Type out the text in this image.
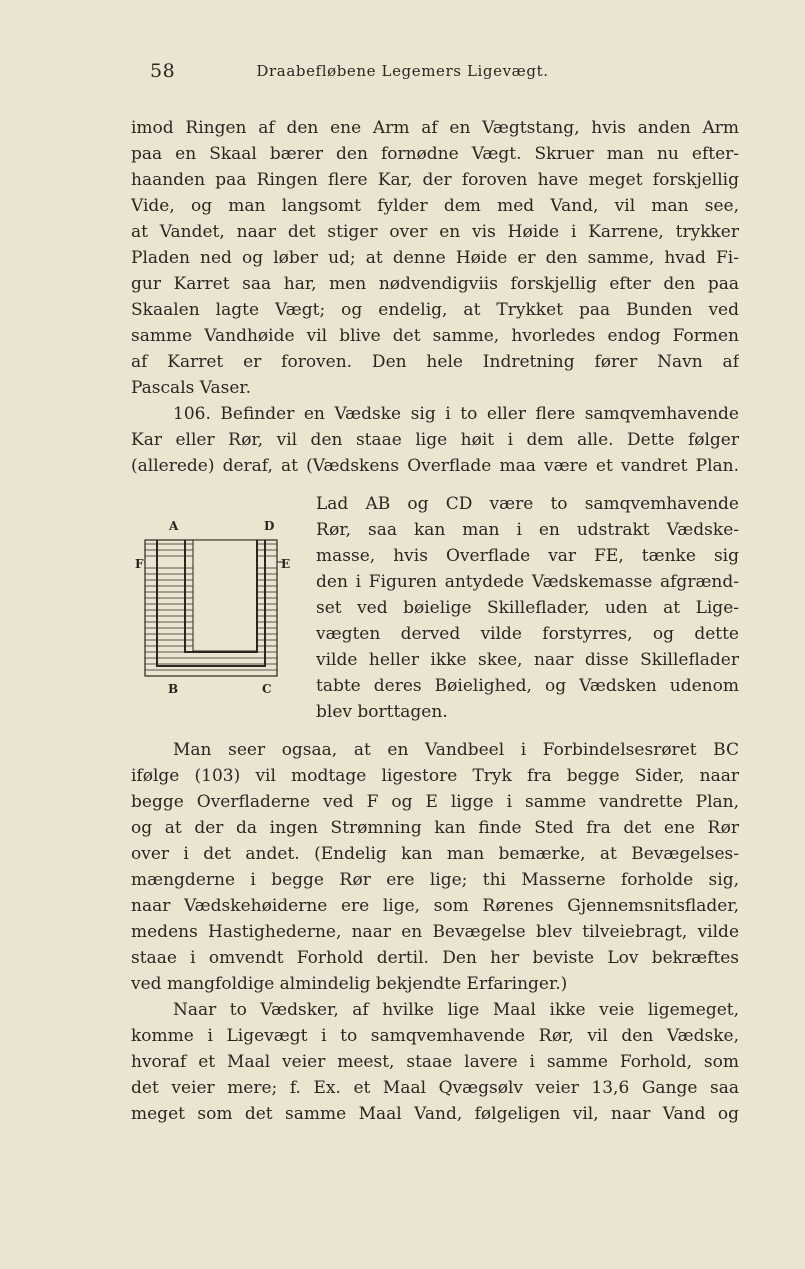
58	Draabefløbene Legemers Ligevægt.
imod Ringen af den ene Arm af en Vægtstang, hvis anden Arm
paa en Skaal bærer den fornødne Vægt. Skruer man nu efter-
haanden paa Ringen flere Kar, der foroven have meget forskjellig
Vide, og man langsomt fylder dem med Vand, vil man see,
at Vandet, naar det stiger over en vis Høide i Karrene, trykker
Pladen ned og løber ud; at denne Høide er den samme, hvad Fi-
gur Karret saa har, men nødvendigviis forskjellig efter den paa
Skaalen lagte Vægt; og endelig, at Trykket paa Bunden ved
samme Vandhøide vil blive det samme, hvorledes endog Formen
af Karret er foroven. Den hele Indretning fører Navn af
Pascals Vaser.
106. Befinder en Vædske sig i to eller flere samqvemhavende
Kar eller Rør, vil den staae lige høit i dem alle. Dette følger
(allerede) deraf, at (Vædskens Overflade maa være et vandret Plan.
A	D
F	E
B	C
Lad AB og CD være to samqvemhavende
Rør, saa kan man i en udstrakt Vædske-
masse, hvis Overflade var FE, tænke sig
den i Figuren antydede Vædskemasse afgrænd-
set ved bøielige Skilleflader, uden at Lige-
vægten derved vilde forstyrres, og dette
vilde heller ikke skee, naar disse Skilleflader
tabte deres Bøielighed, og Vædsken udenom
blev borttagen.
Man seer ogsaa, at en Vandbeel i Forbindelsesrøret BC
ifølge (103) vil modtage ligestore Tryk fra begge Sider, naar
begge Overfladerne ved F og E ligge i samme vandrette Plan,
og at der da ingen Strømning kan finde Sted fra det ene Rør
over i det andet. (Endelig kan man bemærke, at Bevægelses-
mængderne i begge Rør ere lige; thi Masserne forholde sig,
naar Vædskehøiderne ere lige, som Rørenes Gjennemsnitsflader,
medens Hastighederne, naar en Bevægelse blev tilveiebragt, vilde
staae i omvendt Forhold dertil. Den her beviste Lov bekræftes
ved mangfoldige almindelig bekjendte Erfaringer.)
Naar to Vædsker, af hvilke lige Maal ikke veie ligemeget,
komme i Ligevægt i to samqvemhavende Rør, vil den Vædske,
hvoraf et Maal veier meest, staae lavere i samme Forhold, som
det veier mere; f. Ex. et Maal Qvægsølv veier 13,6 Gange saa
meget som det samme Maal Vand, følgeligen vil, naar Vand og
